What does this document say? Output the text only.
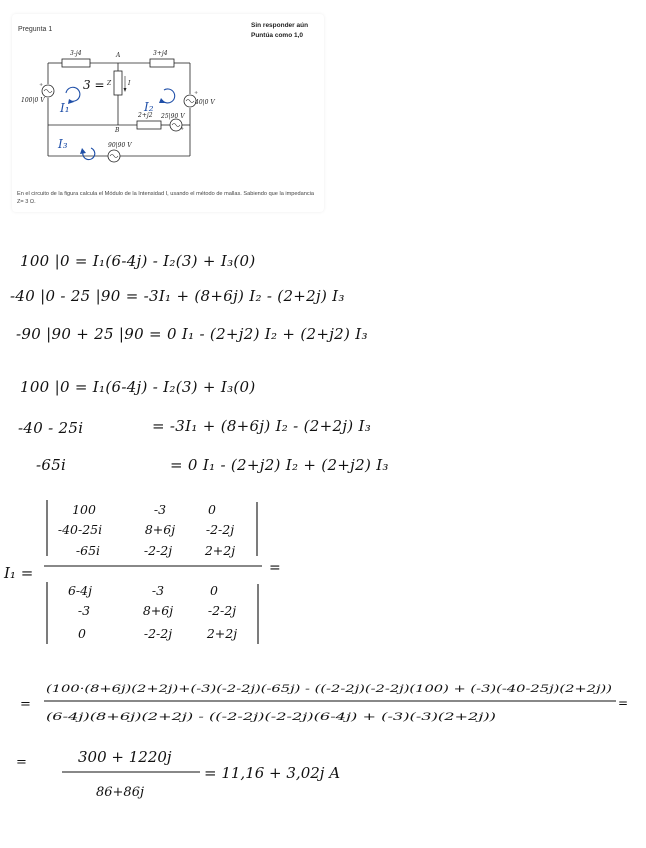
Pregunta 1
Sin responder aún
Puntúa como 1,0
+
+
+
3-j4	3+j4
A
B
Z	I
2+j2
100|0 V	40|0 V
25|90 V
90|90 V
3 =
I₁	I₂
I₃
En el circuito de la figura calcula el Módulo de la Intensidad I, usando el método de mallas. Sabiendo que la impedancia Z= 3 Ω.
100 |0 = I₁(6-4j) - I₂(3) + I₃(0)
-40 |0 - 25 |90 = -3I₁ + (8+6j) I₂ - (2+2j) I₃
-90 |90 + 25 |90 = 0 I₁ - (2+j2) I₂ + (2+j2) I₃
100 |0 = I₁(6-4j) - I₂(3) + I₃(0)
-40 - 25i	= -3I₁ + (8+6j) I₂ - (2+2j) I₃
-65i	= 0 I₁ - (2+j2) I₂ + (2+j2) I₃
I₁ =	=
100	-3	0
-40-25i	8+6j -2-2j
-65i	-2-2j	2+2j
6-4j	-3	0
-3	8+6j	-2-2j
0	-2-2j	2+2j
=
(100·(8+6j)(2+2j)+(-3)(-2-2j)(-65j) - ((-2-2j)(-2-2j)(100) + (-3)(-40-25j)(2+2j))
(6-4j)(8+6j)(2+2j) - ((-2-2j)(-2-2j)(6-4j) + (-3)(-3)(2+2j))
=
=	300 + 1220j
86+86j
= 11,16 + 3,02j A
